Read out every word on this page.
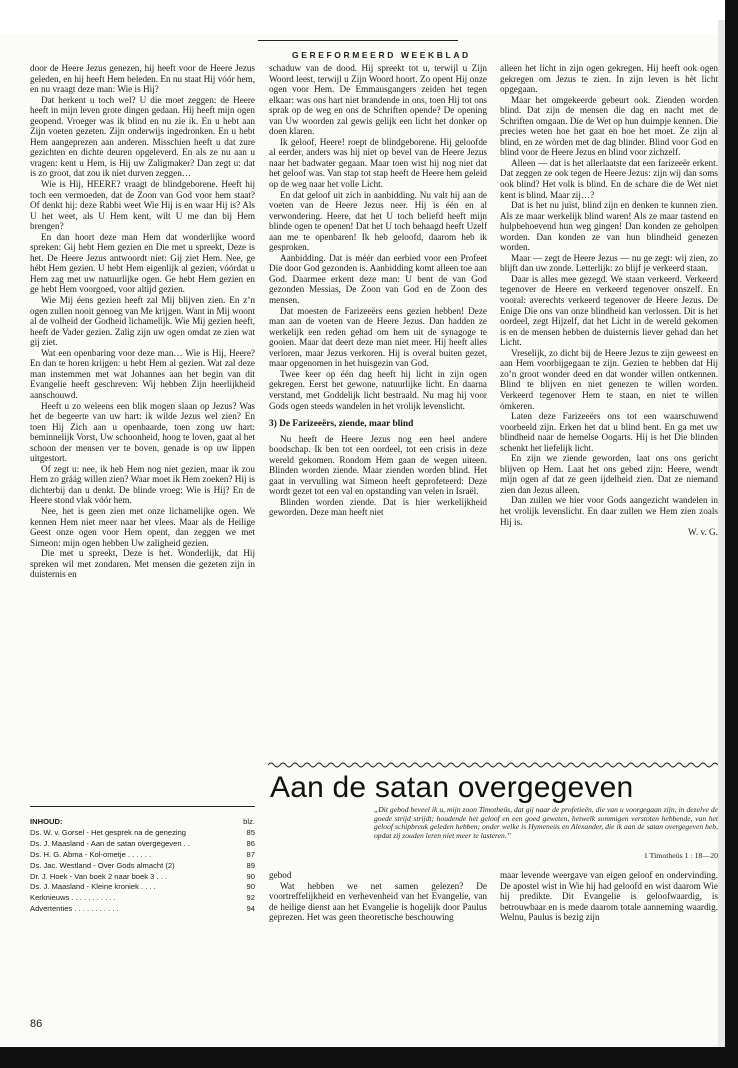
GEREFORMEERD WEEKBLAD

door de Heere Jezus genezen, hij heeft voor de Heere Jezus geleden, en hij heeft Hem beleden. En nu staat Hij vóór hem, en nu vraagt deze man: Wie is Hij?

Dat herkent u toch wel? U die moet zeggen: de Heere heeft in mijn leven grote dingen gedaan. Hij heeft mijn ogen geopend. Vroeger was ik blind en nu zie ik. En u hebt aan Zijn voeten gezeten. Zijn onderwijs ingedronken. En u hebt Hem aangeprezen aan anderen. Misschien heeft u dat zure gezichten en dichte deuren opgeleverd. En als ze nu aan u vragen: kent u Hem, is Hij uw Zaligmaker? Dan zegt u: dat is zo groot, dat zou ik niet durven zeggen…

Wie is Hij, HEERE? vraagt de blindgeborene. Heeft hij toch een vermoeden, dat de Zoon van God voor hem staat? Of denkt hij: deze Rabbi weet Wie Hij is en waar Hij is? Als U het weet, als U Hem kent, wilt U me dan bij Hem brengen?

En dan hoort deze man Hem dat wonderlijke woord spreken: Gij hebt Hem gezien en Die met u spreekt, Deze is het. De Heere Jezus antwoordt niet: Gij ziet Hem. Nee, ge hébt Hem gezien. U hebt Hem eigenlijk al gezien, vóórdat u Hem zag met uw natuurlijke ogen. Ge hebt Hem gezien en ge hebt Hem voorgoed, voor altijd gezien.

Wie Mij éens gezien heeft zal Mij blijven zien. En z’n ogen zullen nooit genoeg van Me krijgen. Want in Mij woont al de volheid der Godheid lichamelijk. Wie Mij gezien heeft, heeft de Vader gezien. Zalig zijn uw ogen omdat ze zien wat gij ziet.

Wat een openbaring voor deze man… Wie is Hij, Heere? En dan te horen krijgen: u hebt Hem al gezien. Wat zal deze man instemmen met wat Johannes aan het begin van dit Evangelie heeft geschreven: Wij hebben Zijn heerlijkheid aanschouwd.

Heeft u zo weleens een blik mogen slaan op Jezus? Was het de begeerte van uw hart: ik wilde Jezus wel zien? En toen Hij Zich aan u openbaarde, toen zong uw hart: beminnelijk Vorst, Uw schoonheid, hoog te loven, gaat al het schoon der mensen ver te boven, genade is op uw lippen uitgestort.

Of zegt u: nee, ik heb Hem nog niet gezien, maar ik zou Hem zo gráág willen zien? Waar moet ik Hem zoeken? Hij is dichterbij dan u denkt. De blinde vroeg: Wie is Hij? En de Heere stond vlak vóór hem.

Nee, het is geen zien met onze lichamelijke ogen. We kennen Hem niet meer naar het vlees. Maar als de Heilige Geest onze ogen voor Hem opent, dan zeggen we met Simeon: mijn ogen hebben Uw zaligheid gezien.

Die met u spreekt, Deze is het. Wonderlijk, dat Hij spreken wil met zondaren. Met mensen die gezeten zijn in duisternis en

schaduw van de dood. Hij spreekt tot u, terwijl u Zijn Woord leest, terwijl u Zijn Woord hoort. Zo opent Hij onze ogen voor Hem. De Emmausgangers zeiden het tegen elkaar: was ons hart niet brandende in ons, toen Hij tot ons sprak op de weg en ons de Schriften opende? De opening van Uw woorden zal gewis gelijk een licht het donker op doen klaren.

Ik geloof, Heere! roept de blindgeborene. Hij geloofde al eerder, anders was hij niet op bevel van de Heere Jezus naar het badwater gegaan. Maar toen wist hij nog niet dat het geloof was. Van stap tot stap heeft de Heere hem geleid op de weg naar het volle Licht.

En dat geloof uit zich in aanbidding. Nu valt hij aan de voeten van de Heere Jezus neer. Hij is één en al verwondering. Heere, dat het U toch beliefd heeft mijn blinde ogen te openen! Dat het U toch behaagd heeft Uzelf aan me te openbaren! Ik heb geloofd, daarom heb ik gesproken.

Aanbidding. Dat is méér dan eerbied voor een Profeet Die door God gezonden is. Aanbidding komt alleen toe aan God. Daarmee erkent deze man: U bent de van God gezonden Messias, De Zoon van God en de Zoon des mensen.

Dat moesten de Farizeeërs eens gezien hebben! Deze man aan de voeten van de Heere Jezus. Dan hadden ze werkelijk een reden gehad om hem uit de synagoge te gooien. Maar dat deert deze man niet meer. Hij heeft alles verloren, maar Jezus verkoren. Hij is overal buiten gezet, maar opgenomen in het huisgezin van God.

Twee keer op één dag heeft hij licht in zijn ogen gekregen. Eerst het gewone, natuurlijke licht. En daarna verstand, met Goddelijk licht bestraald. Nu mag hij voor Gods ogen steeds wandelen in het vrolijk levenslicht.

3) De Farizeeërs, ziende, maar blind

Nu heeft de Heere Jezus nog een heel andere boodschap. Ik ben tot een oordeel, tot een crisis in deze wereld gekomen. Rondom Hem gaan de wegen uiteen. Blinden worden ziende. Maar zienden worden blind. Het gaat in vervulling wat Simeon heeft geprofeteerd: Deze wordt gezet tot een val en opstanding van velen in Israël.

Blinden worden ziende. Dat is hier werkelijkheid geworden. Deze man heeft niet

alleen het licht in zijn ogen gekregen. Hij heeft ook ogen gekregen om Jezus te zien. In zijn leven is hèt licht opgegaan.

Maar het omgekeerde gebeurt ook. Zienden worden blind. Dat zijn de mensen die dag en nacht met de Schriften omgaan. Die de Wet op hun duimpje kennen. Die precies weten hoe het gaat en hoe het moet. Ze zijn al blind, en ze wòrden met de dag blinder. Blind voor God en blind voor de Heere Jezus en blind voor zichzelf.

Alleen — dat is het allerlaatste dat een farizeeër erkent. Dat zeggen ze ook tegen de Heere Jezus: zijn wij dan soms ook blind? Het volk is blind. En de schare die de Wet niet kent is blind. Maar zij…?

Dat is het nu juist, blind zijn en denken te kunnen zien. Als ze maar werkelijk blind waren! Als ze maar tastend en hulpbehoevend hun weg gingen! Dan konden ze geholpen worden. Dan konden ze van hun blindheid genezen worden.

Maar — zegt de Heere Jezus — nu ge zegt: wij zien, zo blijft dan uw zonde. Letterlijk: zo blijf je verkeerd staan.

Daar is alles mee gezegd. We staan verkeerd. Verkeerd tegenover de Heere en verkeerd tegenover onszelf. En vooral: averechts verkeerd tegenover de Heere Jezus. De Enige Die ons van onze blindheid kan verlossen. Dit is het oordeel, zegt Hijzelf, dat het Licht in de wereld gekomen is en de mensen hebben de duisternis liever gehad dan het Licht.

Vreselijk, zo dicht bij de Heere Jezus te zijn geweest en aan Hem voorbijgegaan te zijn. Gezien te hebben dat Hij zo’n groot wonder deed en dat wonder willen ontkennen. Blind te blijven en niet genezen te willen worden. Verkeerd tegenover Hem te staan, en niet te willen ómkeren.

Laten deze Farizeeërs ons tot een waarschuwend voorbeeld zijn. Erken het dat u blind bent. En ga met uw blindheid naar de hemelse Oogarts. Hij is het Die blinden schenkt het liefelijk licht.

En zijn we ziende geworden, laat ons ons gericht blijven op Hem. Laat het ons gebed zijn: Heere, wendt mijn ogen af dat ze geen ijdelheid zien. Dat ze niemand zien dan Jezus alleen.

Dan zullen we hier voor Gods aangezicht wandelen in het vrolijk levenslicht. En daar zullen we Hem zien zoals Hij is.

W. v. G.

Aan de satan overgegeven
„Dit gebod beveel ik u, mijn zoon Timotheüs, dat gij naar de profetieën, die van u voorgegaan zijn, in dezelve de goede strijd strijdt; houdende het geloof en een goed geweten, hetwelk sommigen verstoten hebbende, van het geloof schipbreuk geleden hebben; onder welke is Hymeneüs en Alexander, die ik aan de satan overgegeven heb, opdat zij zouden leren niet meer te lasteren.”
1 Timotheüs 1 : 18—20
INHOUD:	blz.
Ds. W. v. Gorsel - Het gesprek na de genezing	85
Ds. J. Maasland - Aan de satan overgegeven . .	86
Ds. H. G. Abma - Kol-ometje . . . . . .	87
Ds. Jac. Westland - Over Gods almacht (2)	89
Dr. J. Hoek - Van boek 2 naar boek 3 . . .	90
Ds. J. Maasland - Kleine kroniek . . . .	90
Kerknieuws . . . . . . . . . . .	92
Advertenties . . . . . . . . . . .	94

gebod

Wat hebben we net samen gelezen? De voortreffelijkheid en verhevenheid van het Evangelie, van de heilige dienst aan het Evangelie is hogelijk door Paulus geprezen. Het was geen theoretische beschouwing

maar levende weergave van eigen geloof en ondervinding. De apostel wist in Wie hij had geloofd en wist daarom Wie hij predikte. Dit Evangelie is geloofwaardig, is betrouwbaar en is mede daarom totale aanneming waardig. Welnu, Paulus is bezig zijn

86
